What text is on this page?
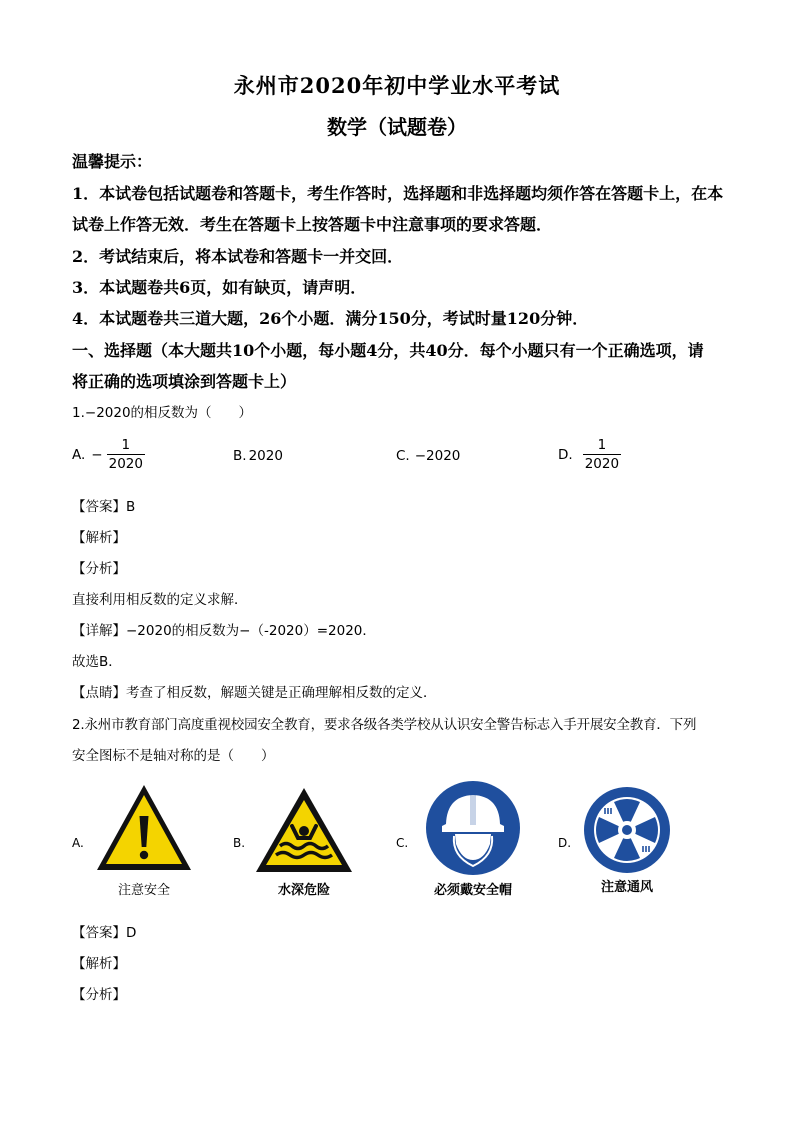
永州市2020年初中学业水平考试
数学（试题卷）
温馨提示：
1．本试卷包括试题卷和答题卡，考生作答时，选择题和非选择题均须作答在答题卡上，在本
试卷上作答无效．考生在答题卡上按答题卡中注意事项的要求答题．
2．考试结束后，将本试卷和答题卡一并交回．
3．本试题卷共6页，如有缺页，请声明．
4．本试题卷共三道大题，26个小题．满分150分，考试时量120分钟．
一、选择题（本大题共10个小题，每小题4分，共40分．每个小题只有一个正确选项，请
将正确的选项填涂到答题卡上）
1.−2020的相反数为（　　）
A. − $\frac{1}{2020}$	B. 2020	C. −2020	D. $\frac{1}{2020}$
【答案】B
【解析】
【分析】
直接利用相反数的定义求解．
【详解】−2020的相反数为−（-2020）=2020．
故选B．
【点睛】考查了相反数，解题关键是正确理解相反数的定义．
2.永州市教育部门高度重视校园安全教育，要求各级各类学校从认识安全警告标志入手开展安全教育．下列
安全图标不是轴对称的是（　　）
A.
注意安全
B.
水深危险
C.
必须戴安全帽
D.
注意通风
【答案】D
【解析】
【分析】
